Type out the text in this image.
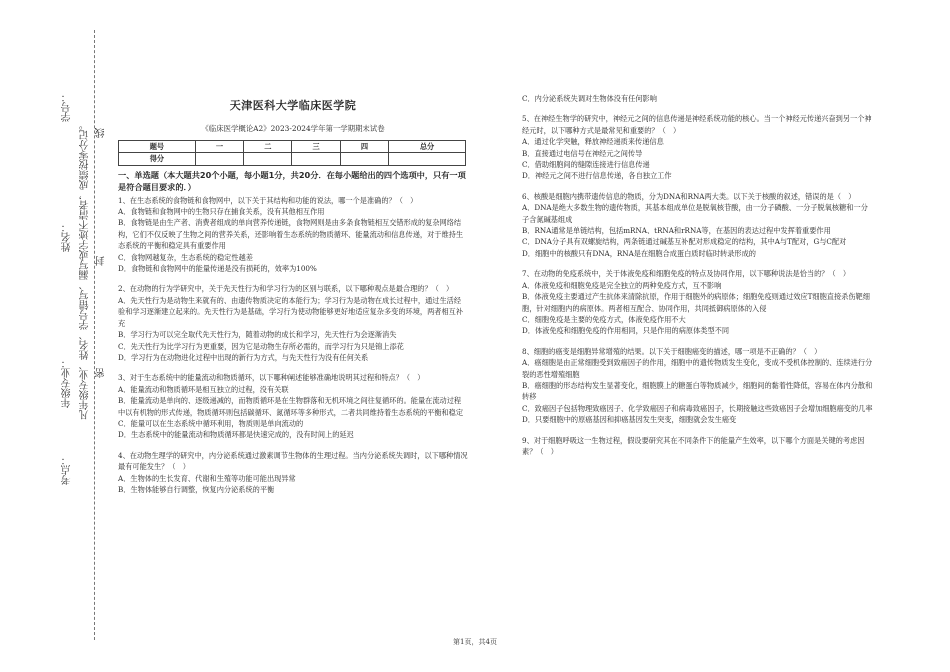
学号：
姓名：
年级专业：
考点：
凡年级专业、姓名、学号错写、漏写或字迹不清者，成绩按零分记。 密
封
线
天津医科大学临床医学院
《临床医学概论A2》2023-2024学年第一学期期末试卷
题号	一	二	三	四	总分
得分					
一、单选题（本大题共20个小题，每小题1分，共20分．在每小题给出的四个选项中，只有一项是符合题目要求的．）

1、在生态系统的食物链和食物网中，以下关于其结构和功能的说法，哪一个是准确的？（　）

A．食物链和食物网中的生物只存在捕食关系，没有其他相互作用

B．食物链是由生产者、消费者组成的单向营养传递链，食物网则是由多条食物链相互交错形成的复杂网络结构，它们不仅反映了生物之间的营养关系，还影响着生态系统的物质循环、能量流动和信息传递，对于维持生态系统的平衡和稳定具有重要作用

C．食物网越复杂，生态系统的稳定性越差

D．食物链和食物网中的能量传递是没有损耗的，效率为100%

2、在动物的行为学研究中，关于先天性行为和学习行为的区别与联系，以下哪种观点是最合理的？（　）

A．先天性行为是动物生来就有的、由遗传物质决定的本能行为；学习行为是动物在成长过程中，通过生活经验和学习逐渐建立起来的。先天性行为是基础，学习行为使动物能够更好地适应复杂多变的环境，两者相互补充

B．学习行为可以完全取代先天性行为，随着动物的成长和学习，先天性行为会逐渐消失

C．先天性行为比学习行为更重要，因为它是动物生存所必需的，而学习行为只是锦上添花

D．学习行为在动物进化过程中出现的新行为方式，与先天性行为没有任何关系

3、对于生态系统中的能量流动和物质循环，以下哪种阐述能够准确地说明其过程和特点？（　）

A．能量流动和物质循环是相互独立的过程，没有关联

B．能量流动是单向的、逐级递减的，而物质循环是在生物群落和无机环境之间往复循环的。能量在流动过程中以有机物的形式传递，物质循环则包括碳循环、氮循环等多种形式，二者共同维持着生态系统的平衡和稳定

C．能量可以在生态系统中循环利用，物质则是单向流动的

D．生态系统中的能量流动和物质循环都是快速完成的，没有时间上的延迟

4、在动物生理学的研究中，内分泌系统通过激素调节生物体的生理过程。当内分泌系统失调时，以下哪种情况最有可能发生？（　）

A．生物体的生长发育、代谢和生殖等功能可能出现异常

B．生物体能够自行调整，恢复内分泌系统的平衡

C．内分泌系统失调对生物体没有任何影响

5、在神经生物学的研究中，神经元之间的信息传递是神经系统功能的核心。当一个神经元传递兴奋到另一个神经元时，以下哪种方式是最常见和重要的？（　）

A．通过化学突触，释放神经递质来传递信息

B．直接通过电信号在神经元之间传导

C．借助细胞间的缝隙连接进行信息传递

D．神经元之间不进行信息传递，各自独立工作

6、核酸是细胞内携带遗传信息的物质，分为DNA和RNA两大类。以下关于核酸的叙述，错误的是（　）

A．DNA是绝大多数生物的遗传物质，其基本组成单位是脱氧核苷酸，由一分子磷酸、一分子脱氧核糖和一分子含氮碱基组成

B．RNA通常是单链结构，包括mRNA、tRNA和rRNA等，在基因的表达过程中发挥着重要作用

C．DNA分子具有双螺旋结构，两条链通过碱基互补配对形成稳定的结构，其中A与T配对，G与C配对

D．细胞中的核酸只有DNA，RNA是在细胞合成蛋白质时临时转录形成的

7、在动物的免疫系统中，关于体液免疫和细胞免疫的特点及协同作用，以下哪种说法是恰当的？（　）

A．体液免疫和细胞免疫是完全独立的两种免疫方式，互不影响

B．体液免疫主要通过产生抗体来清除抗原，作用于细胞外的病原体；细胞免疫则通过效应T细胞直接杀伤靶细胞，针对细胞内的病原体。两者相互配合、协同作用，共同抵御病原体的入侵

C．细胞免疫是主要的免疫方式，体液免疫作用不大

D．体液免疫和细胞免疫的作用相同，只是作用的病原体类型不同

8、细胞的癌变是细胞异常增殖的结果。以下关于细胞癌变的描述，哪一项是不正确的？（　）

A．癌细胞是由正常细胞受到致癌因子的作用，细胞中的遗传物质发生变化，变成不受机体控制的、连续进行分裂的恶性增殖细胞

B．癌细胞的形态结构发生显著变化，细胞膜上的糖蛋白等物质减少，细胞间的黏着性降低，容易在体内分散和转移

C．致癌因子包括物理致癌因子、化学致癌因子和病毒致癌因子，长期接触这些致癌因子会增加细胞癌变的几率

D．只要细胞中的原癌基因和抑癌基因发生突变，细胞就会发生癌变

9、对于细胞呼吸这一生物过程，假设要研究其在不同条件下的能量产生效率，以下哪个方面是关键的考虑因素？（　）

第1页，共4页
